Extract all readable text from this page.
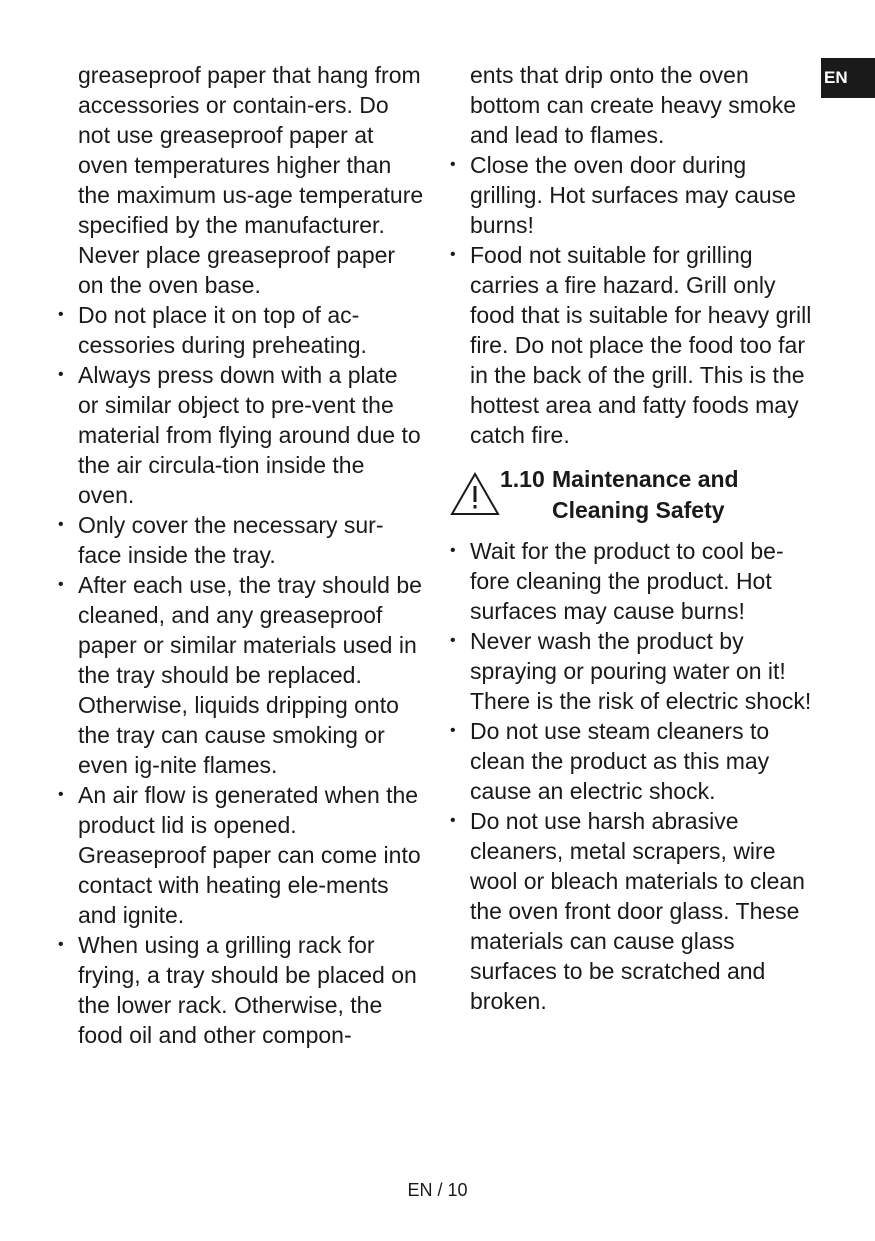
EN

greaseproof paper that hang from accessories or contain-ers. Do not use greaseproof paper at oven temperatures higher than the maximum us-age temperature specified by the manufacturer. Never place greaseproof paper on the oven base.

• Do not place it on top of ac-cessories during preheating.
• Always press down with a plate or similar object to pre-vent the material from flying around due to the air circula-tion inside the oven.
• Only cover the necessary sur-face inside the tray.
• After each use, the tray should be cleaned, and any greaseproof paper or similar materials used in the tray should be replaced. Otherwise, liquids dripping onto the tray can cause smoking or even ig-nite flames.
• An air flow is generated when the product lid is opened. Greaseproof paper can come into contact with heating ele-ments and ignite.
• When using a grilling rack for frying, a tray should be placed on the lower rack. Otherwise, the food oil and other compon-

ents that drip onto the oven bottom can create heavy smoke and lead to flames.

• Close the oven door during grilling. Hot surfaces may cause burns!
• Food not suitable for grilling carries a fire hazard. Grill only food that is suitable for heavy grill fire. Do not place the food too far in the back of the grill. This is the hottest area and fatty foods may catch fire.
1.10 Maintenance and Cleaning Safety
• Wait for the product to cool be-fore cleaning the product. Hot surfaces may cause burns!
• Never wash the product by spraying or pouring water on it! There is the risk of electric shock!
• Do not use steam cleaners to clean the product as this may cause an electric shock.
• Do not use harsh abrasive cleaners, metal scrapers, wire wool or bleach materials to clean the oven front door glass. These materials can cause glass surfaces to be scratched and broken.
EN / 10
